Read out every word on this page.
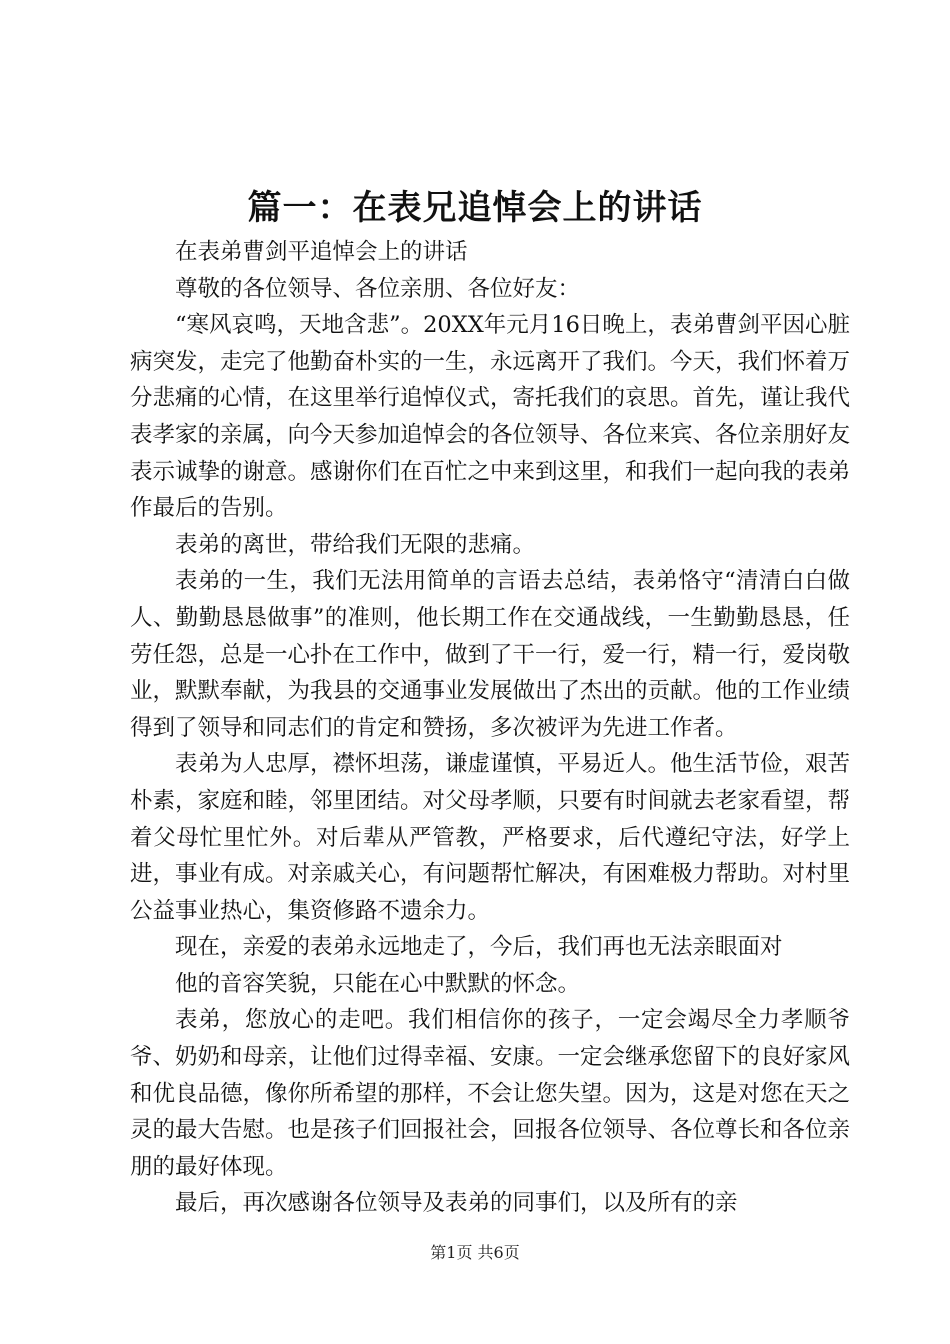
篇一：在表兄追悼会上的讲话

在表弟曹剑平追悼会上的讲话

尊敬的各位领导、各位亲朋、各位好友：

“寒风哀鸣，天地含悲”。20XX年元月16日晚上，表弟曹剑平因心脏病突发，走完了他勤奋朴实的一生，永远离开了我们。今天，我们怀着万分悲痛的心情，在这里举行追悼仪式，寄托我们的哀思。首先，谨让我代表孝家的亲属，向今天参加追悼会的各位领导、各位来宾、各位亲朋好友表示诚挚的谢意。感谢你们在百忙之中来到这里，和我们一起向我的表弟作最后的告别。

表弟的离世，带给我们无限的悲痛。

表弟的一生，我们无法用简单的言语去总结，表弟恪守“清清白白做人、勤勤恳恳做事”的准则，他长期工作在交通战线，一生勤勤恳恳，任劳任怨，总是一心扑在工作中，做到了干一行，爱一行，精一行，爱岗敬业，默默奉献，为我县的交通事业发展做出了杰出的贡献。他的工作业绩得到了领导和同志们的肯定和赞扬，多次被评为先进工作者。

表弟为人忠厚，襟怀坦荡，谦虚谨慎，平易近人。他生活节俭，艰苦朴素，家庭和睦，邻里团结。对父母孝顺，只要有时间就去老家看望，帮着父母忙里忙外。对后辈从严管教，严格要求，后代遵纪守法，好学上进，事业有成。对亲戚关心，有问题帮忙解决，有困难极力帮助。对村里公益事业热心，集资修路不遗余力。

现在，亲爱的表弟永远地走了，今后，我们再也无法亲眼面对

他的音容笑貌，只能在心中默默的怀念。

表弟，您放心的走吧。我们相信你的孩子，一定会竭尽全力孝顺爷爷、奶奶和母亲，让他们过得幸福、安康。一定会继承您留下的良好家风和优良品德，像你所希望的那样，不会让您失望。因为，这是对您在天之灵的最大告慰。也是孩子们回报社会，回报各位领导、各位尊长和各位亲朋的最好体现。

最后，再次感谢各位领导及表弟的同事们，以及所有的亲

第1页 共6页
